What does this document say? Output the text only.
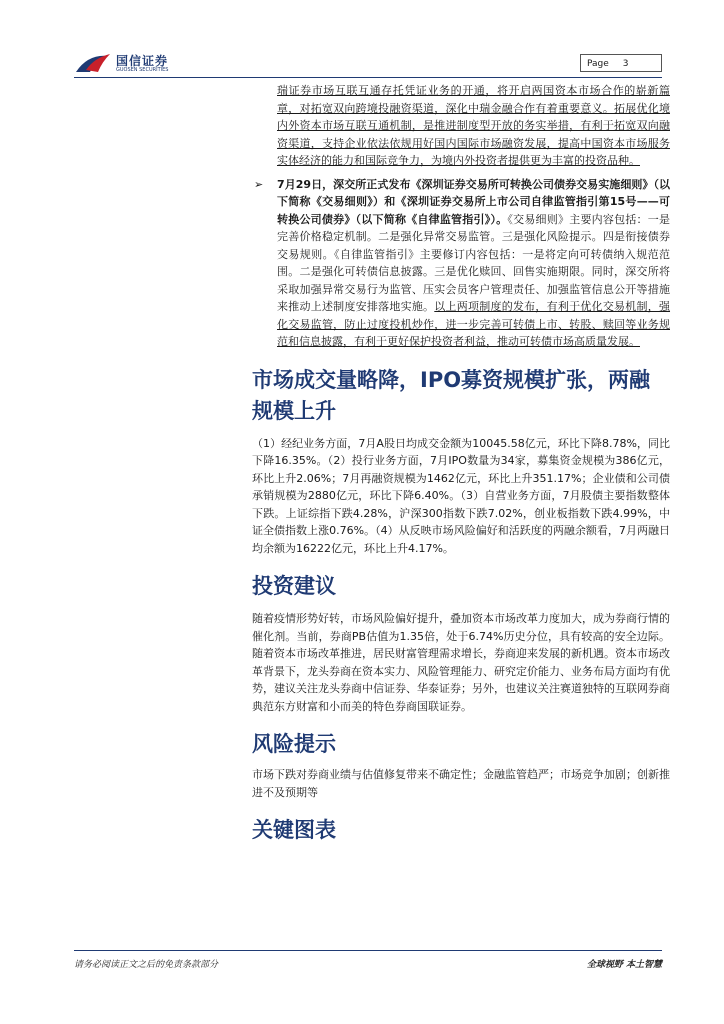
国信证券
GUOSEN SECURITIES
Page 3

瑞证券市场互联互通存托凭证业务的开通，将开启两国资本市场合作的崭新篇章，对拓宽双向跨境投融资渠道，深化中瑞金融合作有着重要意义。拓展优化境内外资本市场互联互通机制，是推进制度型开放的务实举措，有利于拓宽双向融资渠道，支持企业依法依规用好国内国际市场融资发展，提高中国资本市场服务实体经济的能力和国际竞争力，为境内外投资者提供更为丰富的投资品种。

➢ 7月29日，深交所正式发布《深圳证券交易所可转换公司债券交易实施细则》（以下简称《交易细则》）和《深圳证券交易所上市公司自律监管指引第15号——可转换公司债券》（以下简称《自律监管指引》）。《交易细则》主要内容包括：一是完善价格稳定机制。二是强化异常交易监管。三是强化风险提示。四是衔接债券交易规则。《自律监管指引》主要修订内容包括：一是将定向可转债纳入规范范围。二是强化可转债信息披露。三是优化赎回、回售实施期限。同时，深交所将采取加强异常交易行为监管、压实会员客户管理责任、加强监管信息公开等措施来推动上述制度安排落地实施。以上两项制度的发布，有利于优化交易机制，强化交易监管，防止过度投机炒作，进一步完善可转债上市、转股、赎回等业务规范和信息披露，有利于更好保护投资者利益，推动可转债市场高质量发展。

市场成交量略降，IPO募资规模扩张，两融规模上升

（1）经纪业务方面，7月A股日均成交金额为10045.58亿元，环比下降8.78%，同比下降16.35%。（2）投行业务方面，7月IPO数量为34家，募集资金规模为386亿元，环比上升2.06%；7月再融资规模为1462亿元，环比上升351.17%；企业债和公司债承销规模为2880亿元，环比下降6.40%。（3）自营业务方面，7月股债主要指数整体下跌。上证综指下跌4.28%，沪深300指数下跌7.02%，创业板指数下跌4.99%，中证全债指数上涨0.76%。（4）从反映市场风险偏好和活跃度的两融余额看，7月两融日均余额为16222亿元，环比上升4.17%。

投资建议

随着疫情形势好转，市场风险偏好提升，叠加资本市场改革力度加大，成为券商行情的催化剂。当前，券商PB估值为1.35倍，处于6.74%历史分位，具有较高的安全边际。随着资本市场改革推进，居民财富管理需求增长，券商迎来发展的新机遇。资本市场改革背景下，龙头券商在资本实力、风险管理能力、研究定价能力、业务布局方面均有优势，建议关注龙头券商中信证券、华泰证券；另外，也建议关注赛道独特的互联网券商典范东方财富和小而美的特色券商国联证券。

风险提示

市场下跌对券商业绩与估值修复带来不确定性；金融监管趋严；市场竞争加剧；创新推进不及预期等

关键图表
请务必阅读正文之后的免责条款部分	全球视野 本土智慧
